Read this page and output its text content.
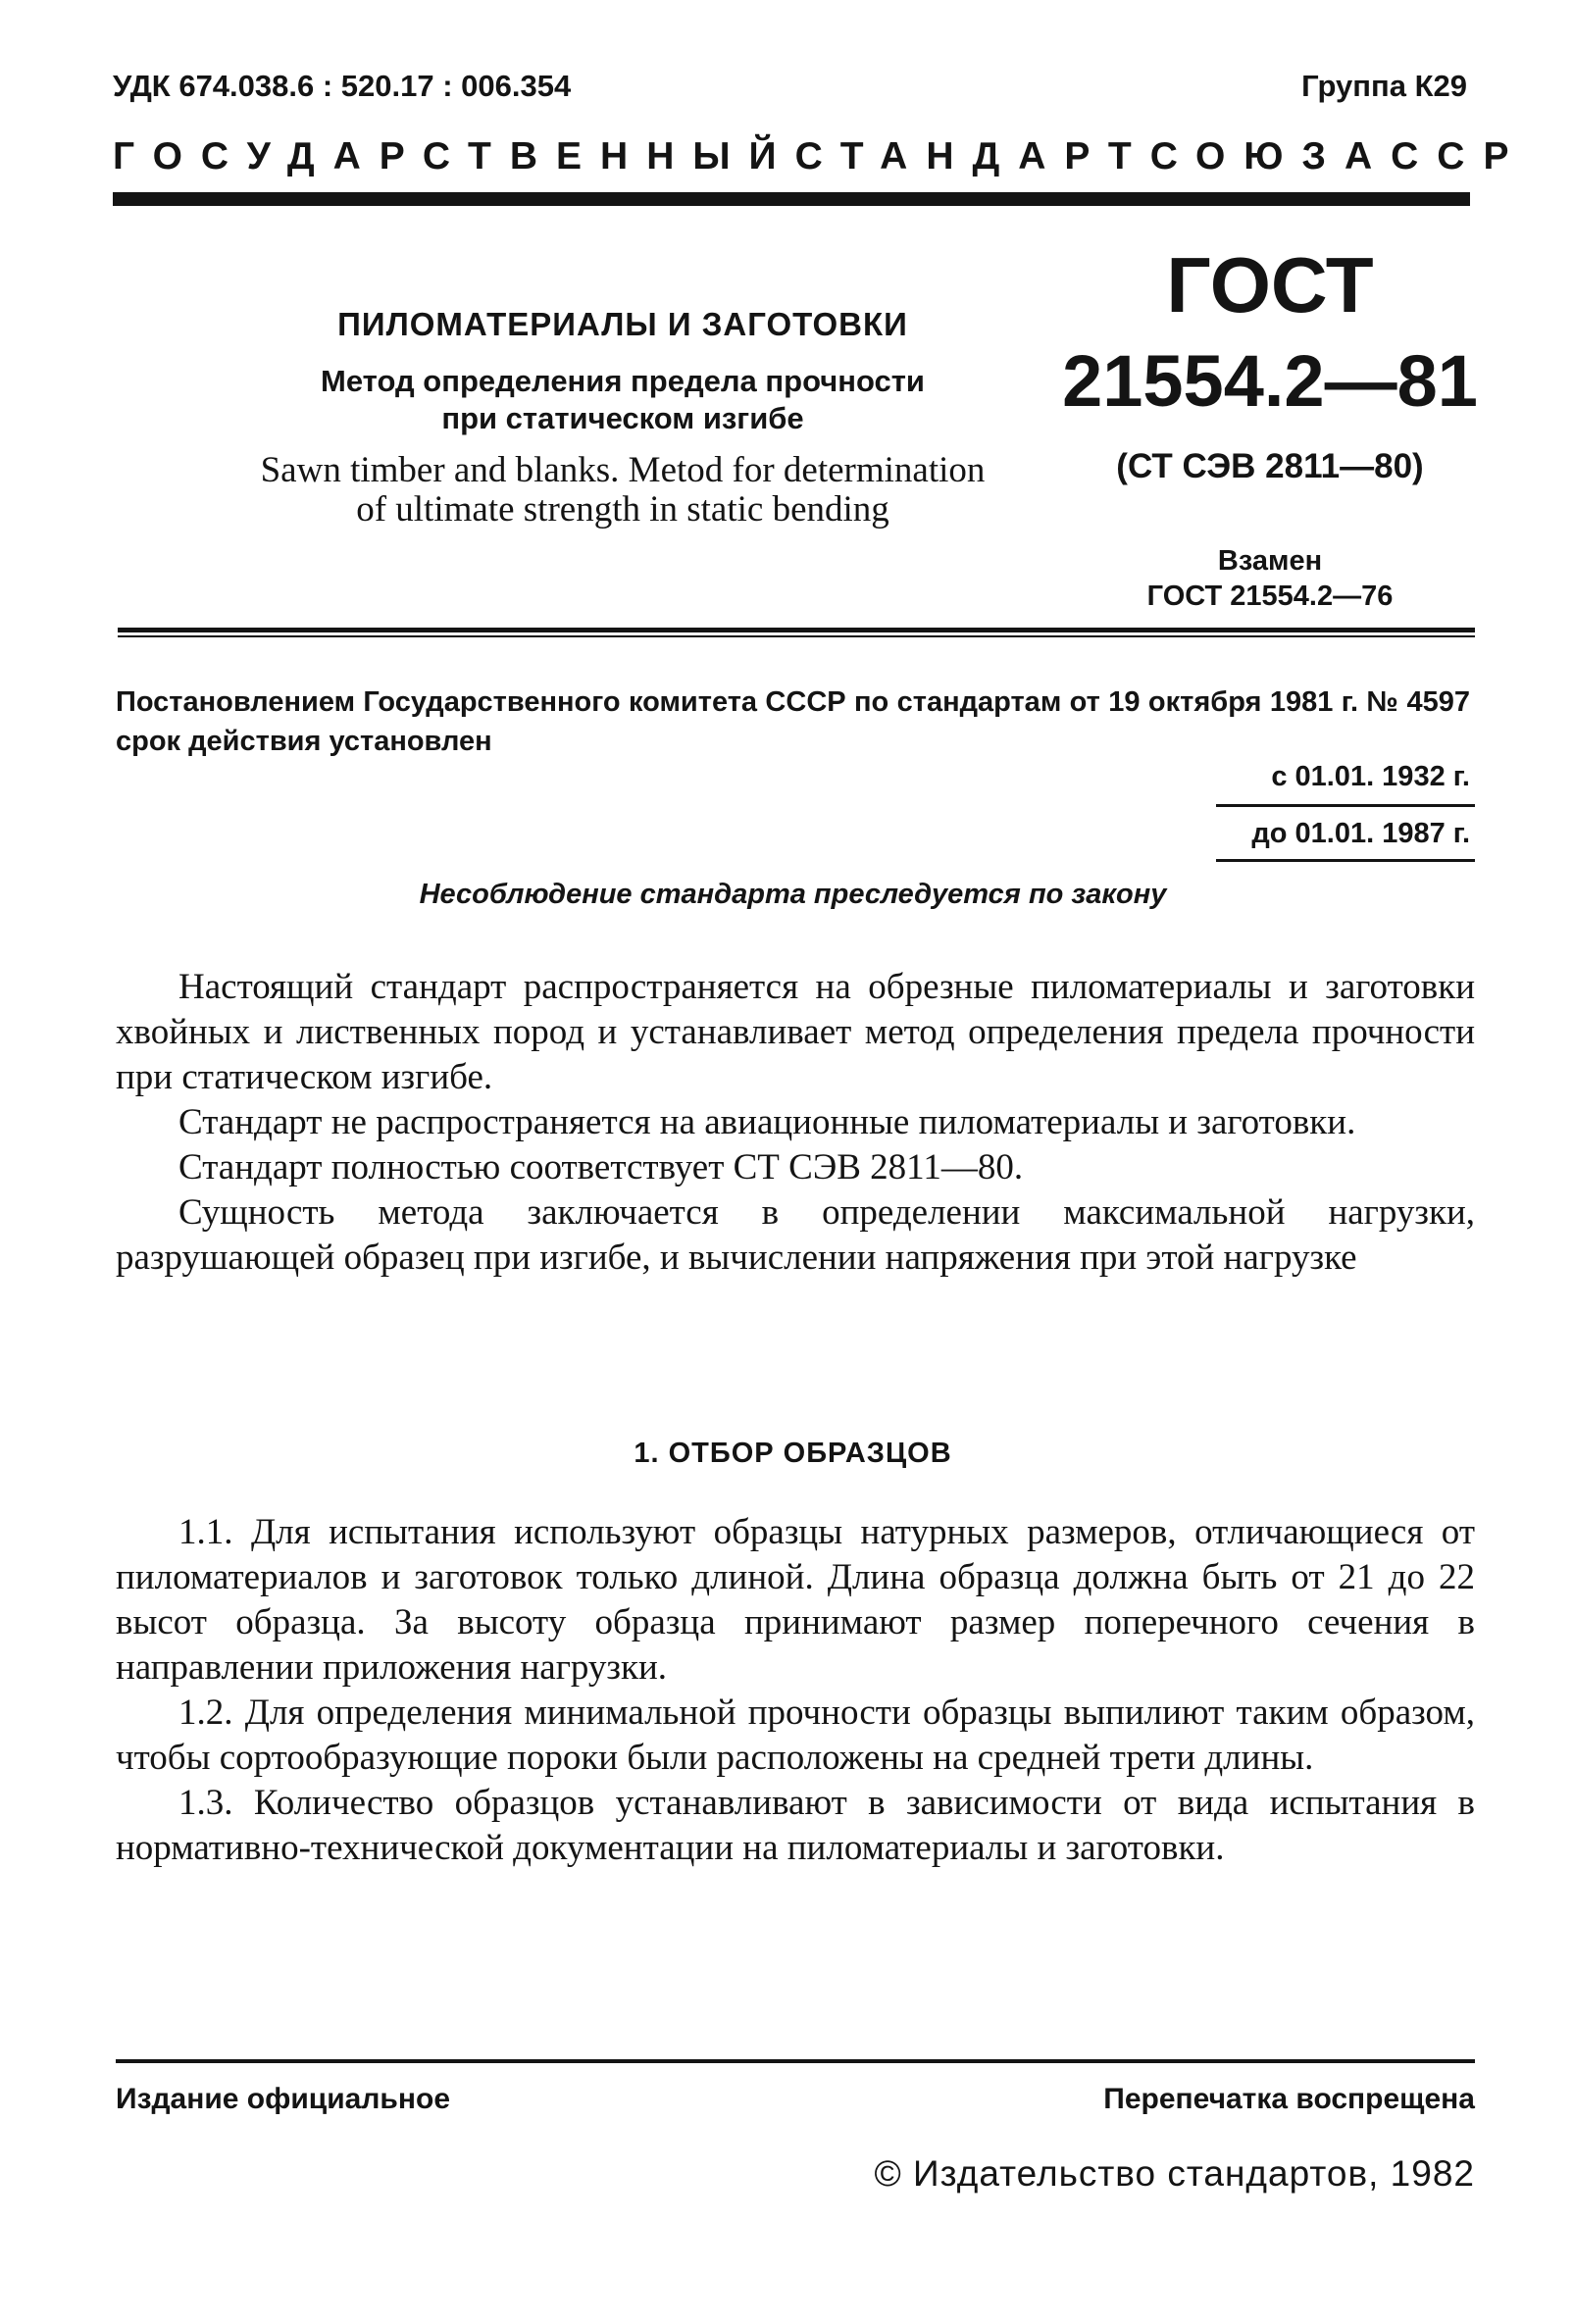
УДК 674.038.6 : 520.17 : 006.354	Группа К29
ГОСУДАРСТВЕННЫЙ СТАНДАРТ СОЮЗА ССР
ПИЛОМАТЕРИАЛЫ И ЗАГОТОВКИ
Метод определения предела прочности
при статическом изгибе
Sawn timber and blanks. Metod for determination
of ultimate strength in static bending
ГОСТ
21554.2—81
(СТ СЭВ 2811—80)
Взамен
ГОСТ 21554.2—76
Постановлением Государственного комитета СССР по стандартам от 19 октября 1981 г. № 4597 срок действия установлен
с 01.01. 1932 г.
до 01.01. 1987 г.
Несоблюдение стандарта преследуется по закону

Настоящий стандарт распространяется на обрезные пиломатериалы и заготовки хвойных и лиственных пород и устанавливает метод определения предела прочности при статическом изгибе.

Стандарт не распространяется на авиационные пиломатериалы и заготовки.

Стандарт полностью соответствует СТ СЭВ 2811—80.

Сущность метода заключается в определении максимальной нагрузки, разрушающей образец при изгибе, и вычислении напряжения при этой нагрузке

1. ОТБОР ОБРАЗЦОВ

1.1. Для испытания используют образцы натурных размеров, отличающиеся от пиломатериалов и заготовок только длиной. Длина образца должна быть от 21 до 22 высот образца. За высоту образца принимают размер поперечного сечения в направлении приложения нагрузки.

1.2. Для определения минимальной прочности образцы выпилиют таким образом, чтобы сортообразующие пороки были расположены на средней трети длины.

1.3. Количество образцов устанавливают в зависимости от вида испытания в нормативно-технической документации на пиломатериалы и заготовки.

Издание официальное	Перепечатка воспрещена
© Издательство стандартов, 1982
